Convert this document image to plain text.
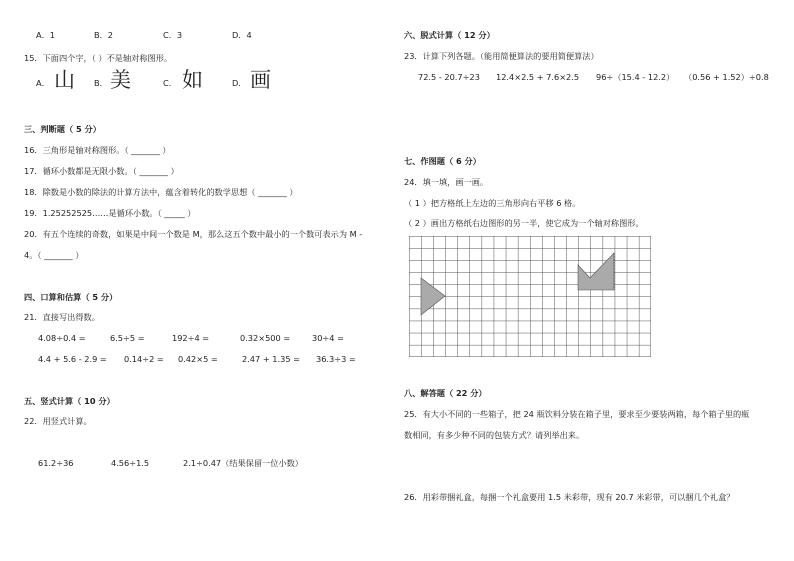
A．1	B．2	C．3	D．4
15．下面四个字，（ ）不是轴对称图形。
A． 山 B． 美	C． 如	D． 画
三、判断题（ 5 分）
16．三角形是轴对称图形。（ _______ ）
17．循环小数都是无限小数。（ _______ ）
18．除数是小数的除法的计算方法中，蕴含着转化的数学思想（ _______ ）
19．1.25252525……是循环小数。（ _____ ）
20．有五个连续的奇数，如果是中间一个数是 M，那么这五个数中最小的一个数可表示为 M -
4。（ _______ ）
四、口算和估算（ 5 分）
21．直接写出得数。
4.08÷0.4 =	6.5÷5 =	192÷4 =	0.32×500 =	30÷4 =
4.4 + 5.6 - 2.9 = 0.14÷2 = 0.42×5 =	2.47 + 1.35 = 36.3÷3 =
五、竖式计算（ 10 分）
22．用竖式计算。
61.2÷36	4.56÷1.5	2.1÷0.47（结果保留一位小数）
六、脱式计算（ 12 分）
23．计算下列各题。（能用简便算法的要用简便算法）
72.5 - 20.7÷23 12.4×2.5 + 7.6×2.5 96÷（15.4 - 12.2） （0.56 + 1.52）÷0.8
七、作图题（ 6 分）
24．填一填，画一画。
（ 1 ）把方格纸上左边的三角形向右平移 6 格。
（ 2 ）画出方格纸右边图形的另一半，使它成为一个轴对称图形。
八、解答题（ 22 分）
25．有大小不同的一些箱子，把 24 瓶饮料分装在箱子里，要求至少要装两箱，每个箱子里的瓶
数相同，有多少种不同的包装方式？请列举出来。
26．用彩带捆礼盒，每捆一个礼盒要用 1.5 米彩带，现有 20.7 米彩带，可以捆几个礼盒？
